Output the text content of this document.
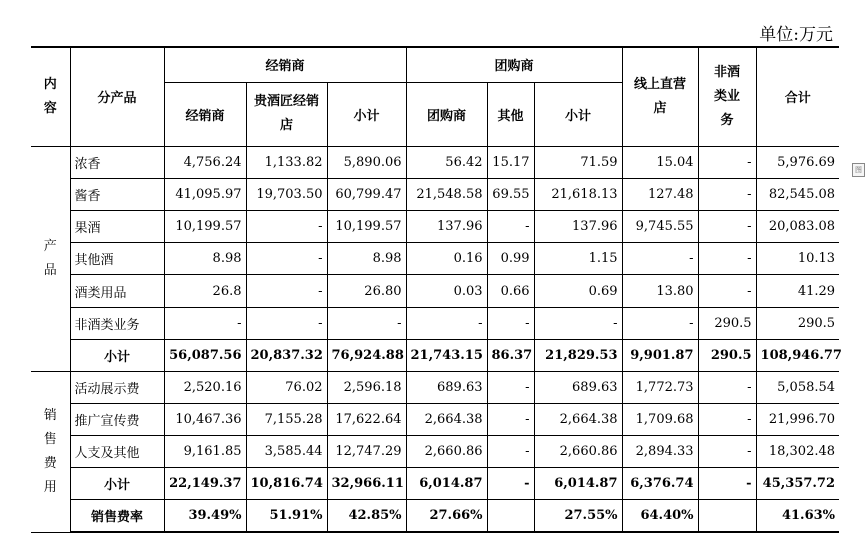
单位:万元
图
内容	分产品	经销商			团购商			线上直营店	非酒类业务	合计
		经销商	贵酒匠经销店	小计	团购商	其他	小计			
产品	浓香	4,756.24	1,133.82	5,890.06	56.42	15.17	71.59	15.04	-	5,976.69
	酱香	41,095.97	19,703.50	60,799.47	21,548.58	69.55	21,618.13	127.48	-	82,545.08
	果酒	10,199.57	-	10,199.57	137.96	-	137.96	9,745.55	-	20,083.08
	其他酒	8.98	-	8.98	0.16	0.99	1.15	-	-	10.13
	酒类用品	26.8	-	26.80	0.03	0.66	0.69	13.80	-	41.29
	非酒类业务	-	-	-	-	-	-	-	290.5	290.5
	小计	56,087.56	20,837.32	76,924.88	21,743.15	86.37	21,829.53	9,901.87	290.5	108,946.77
销售费用	活动展示费	2,520.16	76.02	2,596.18	689.63	-	689.63	1,772.73	-	5,058.54
	推广宣传费	10,467.36	7,155.28	17,622.64	2,664.38	-	2,664.38	1,709.68	-	21,996.70
	人支及其他	9,161.85	3,585.44	12,747.29	2,660.86	-	2,660.86	2,894.33	-	18,302.48
	小计	22,149.37	10,816.74	32,966.11	6,014.87	-	6,014.87	6,376.74	-	45,357.72
	销售费率	39.49%	51.91%	42.85%	27.66%		27.55%	64.40%		41.63%
